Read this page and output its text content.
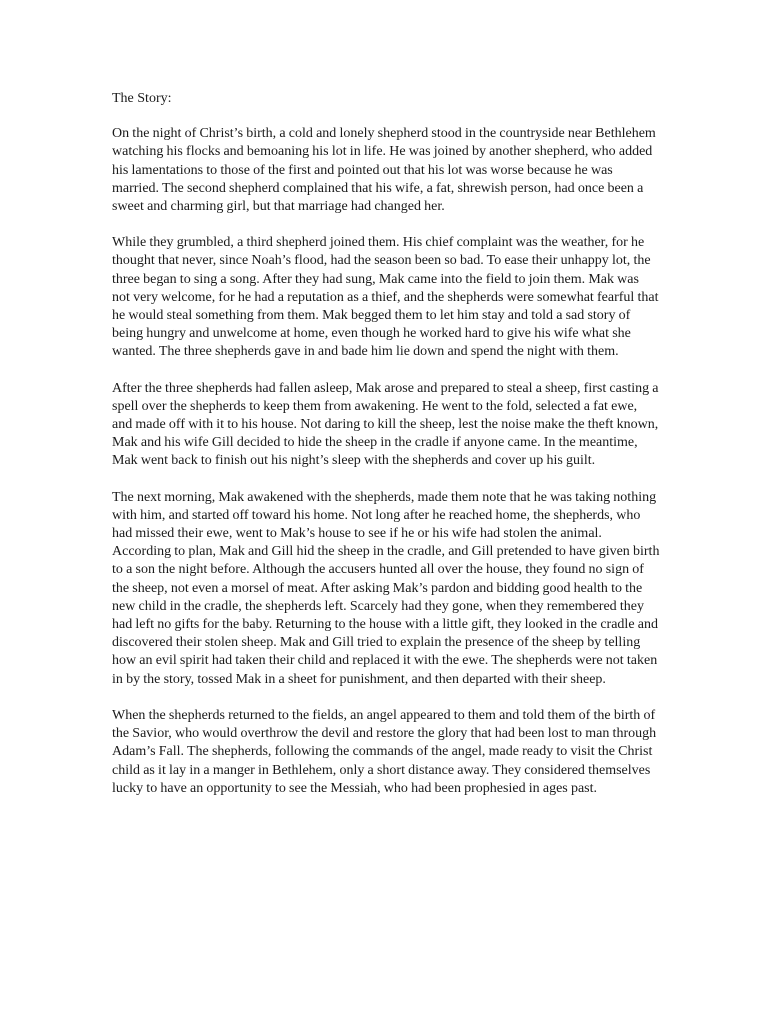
The Story:

On the night of Christ’s birth, a cold and lonely shepherd stood in the countryside near Bethlehem watching his flocks and bemoaning his lot in life. He was joined by another shepherd, who added his lamentations to those of the first and pointed out that his lot was worse because he was married. The second shepherd complained that his wife, a fat, shrewish person, had once been a sweet and charming girl, but that marriage had changed her.

While they grumbled, a third shepherd joined them. His chief complaint was the weather, for he thought that never, since Noah’s flood, had the season been so bad. To ease their unhappy lot, the three began to sing a song. After they had sung, Mak came into the field to join them. Mak was not very welcome, for he had a reputation as a thief, and the shepherds were somewhat fearful that he would steal something from them. Mak begged them to let him stay and told a sad story of being hungry and unwelcome at home, even though he worked hard to give his wife what she wanted. The three shepherds gave in and bade him lie down and spend the night with them.

After the three shepherds had fallen asleep, Mak arose and prepared to steal a sheep, first casting a spell over the shepherds to keep them from awakening. He went to the fold, selected a fat ewe, and made off with it to his house. Not daring to kill the sheep, lest the noise make the theft known, Mak and his wife Gill decided to hide the sheep in the cradle if anyone came. In the meantime, Mak went back to finish out his night’s sleep with the shepherds and cover up his guilt.

The next morning, Mak awakened with the shepherds, made them note that he was taking nothing with him, and started off toward his home. Not long after he reached home, the shepherds, who had missed their ewe, went to Mak’s house to see if he or his wife had stolen the animal. According to plan, Mak and Gill hid the sheep in the cradle, and Gill pretended to have given birth to a son the night before. Although the accusers hunted all over the house, they found no sign of the sheep, not even a morsel of meat. After asking Mak’s pardon and bidding good health to the new child in the cradle, the shepherds left. Scarcely had they gone, when they remembered they had left no gifts for the baby. Returning to the house with a little gift, they looked in the cradle and discovered their stolen sheep. Mak and Gill tried to explain the presence of the sheep by telling how an evil spirit had taken their child and replaced it with the ewe. The shepherds were not taken in by the story, tossed Mak in a sheet for punishment, and then departed with their sheep.

When the shepherds returned to the fields, an angel appeared to them and told them of the birth of the Savior, who would overthrow the devil and restore the glory that had been lost to man through Adam’s Fall. The shepherds, following the commands of the angel, made ready to visit the Christ child as it lay in a manger in Bethlehem, only a short distance away. They considered themselves lucky to have an opportunity to see the Messiah, who had been prophesied in ages past.
